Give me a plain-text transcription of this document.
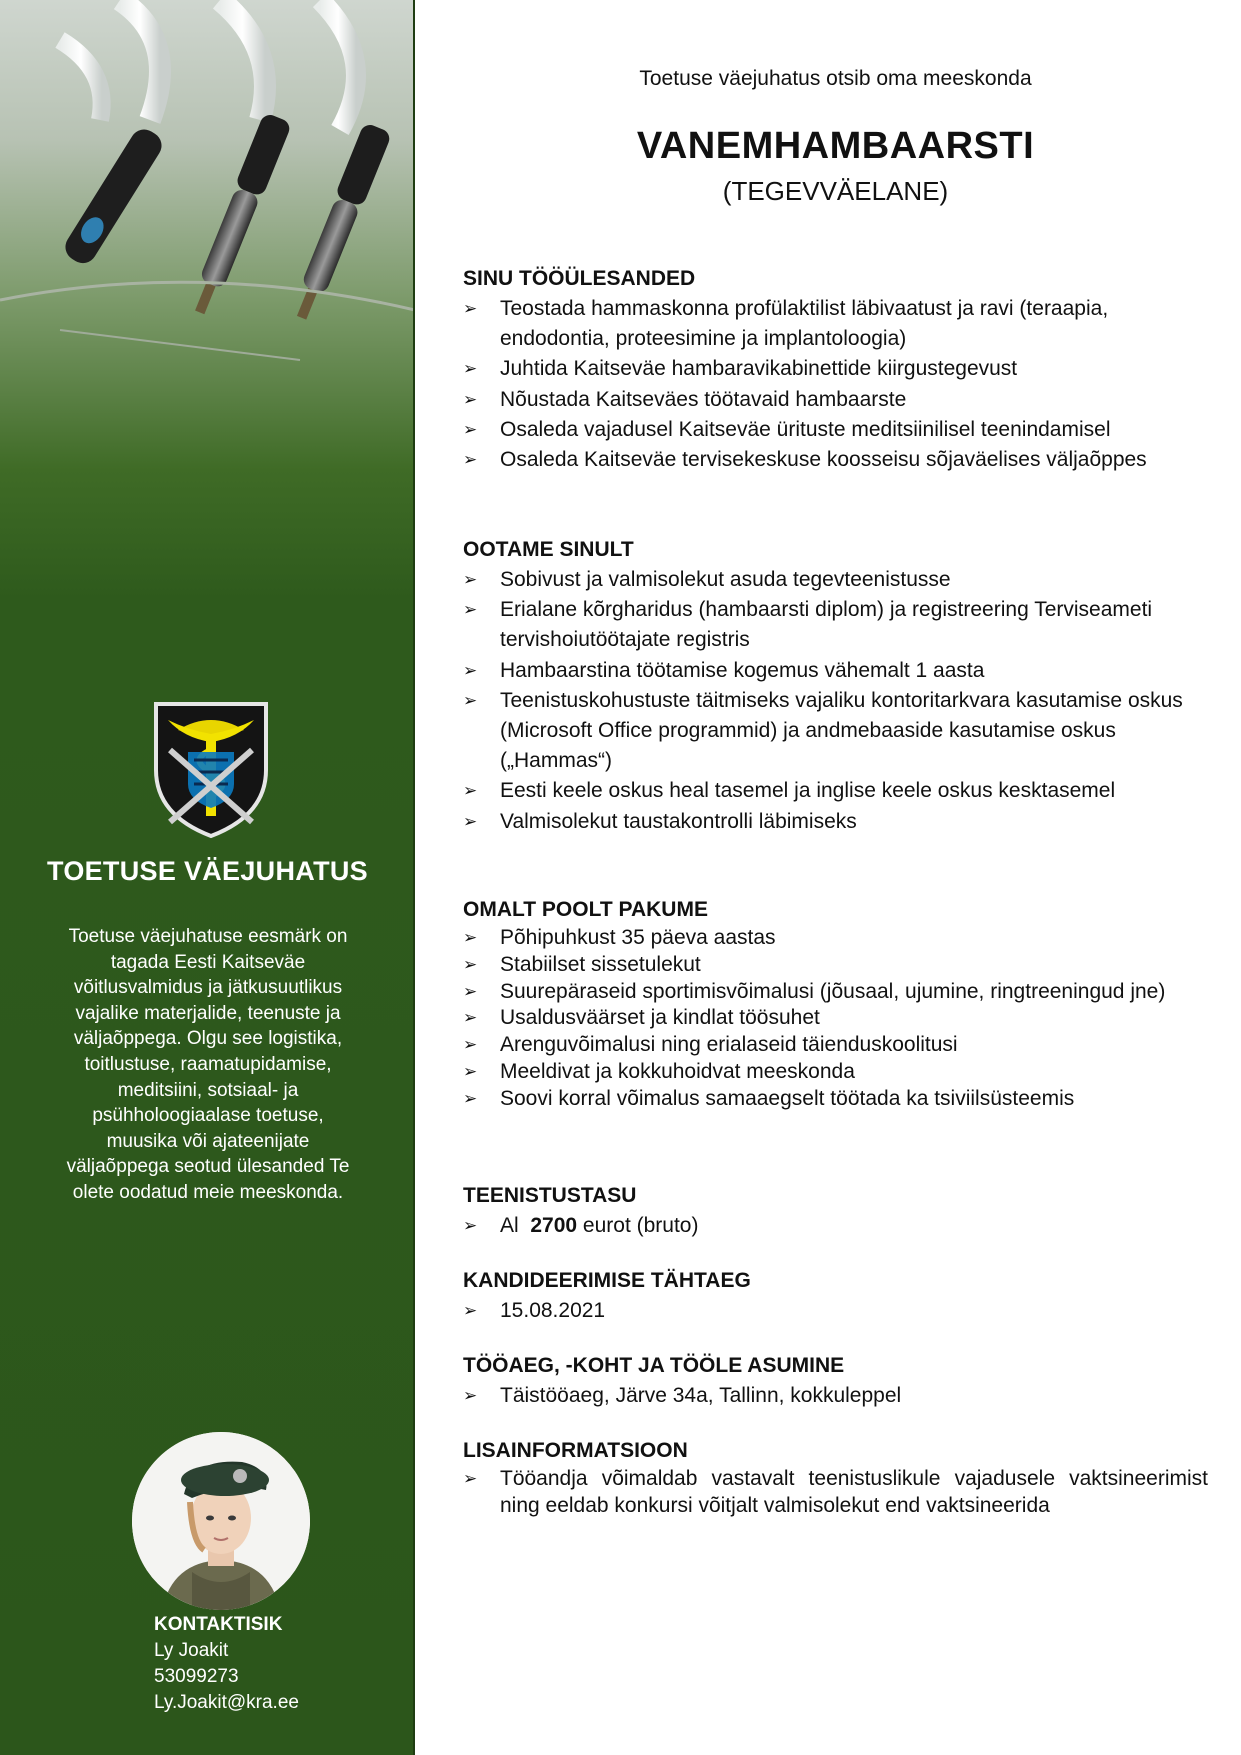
TOETUSE VÄEJUHATUS
Toetuse väejuhatuse eesmärk on tagada Eesti Kaitseväe võitlusvalmidus ja jätkusuutlikus vajalike materjalide, teenuste ja väljaõppega. Olgu see logistika, toitlustuse, raamatupidamise, meditsiini, sotsiaal- ja psühholoogiaalase toetuse, muusika või ajateenijate väljaõppega seotud ülesanded Te olete oodatud meie meeskonda.
KONTAKTISIK
Ly Joakit
53099273
Ly.Joakit@kra.ee
Toetuse väejuhatus otsib oma meeskonda
VANEMHAMBAARSTI
(TEGEVVÄELANE)
SINU TÖÖÜLESANDED
➢ Teostada hammaskonna profülaktilist läbivaatust ja ravi (teraapia, endodontia, proteesimine ja implantoloogia)
➢ Juhtida Kaitseväe hambaravikabinettide kiirgustegevust
➢ Nõustada Kaitseväes töötavaid hambaarste
➢ Osaleda vajadusel Kaitseväe ürituste meditsiinilisel teenindamisel
➢ Osaleda Kaitseväe tervisekeskuse koosseisu sõjaväelises väljaõppes
OOTAME SINULT
➢ Sobivust ja valmisolekut asuda tegevteenistusse
➢ Erialane kõrgharidus (hambaarsti diplom) ja registreering Terviseameti tervishoiutöötajate registris
➢ Hambaarstina töötamise kogemus vähemalt 1 aasta
➢ Teenistuskohustuste täitmiseks vajaliku kontoritarkvara kasutamise oskus (Microsoft Office programmid) ja andmebaaside kasutamise oskus („Hammas“)
➢ Eesti keele oskus heal tasemel ja inglise keele oskus kesktasemel
➢ Valmisolekut taustakontrolli läbimiseks
OMALT POOLT PAKUME
➢ Põhipuhkust 35 päeva aastas
➢ Stabiilset sissetulekut
➢ Suurepäraseid sportimisvõimalusi (jõusaal, ujumine, ringtreeningud jne)
➢ Usaldusväärset ja kindlat töösuhet
➢ Arenguvõimalusi ning erialaseid täienduskoolitusi
➢ Meeldivat ja kokkuhoidvat meeskonda
➢ Soovi korral võimalus samaaegselt töötada ka tsiviilsüsteemis
TEENISTUSTASU
➢ Al 2700 eurot (bruto)
KANDIDEERIMISE TÄHTAEG
➢ 15.08.2021
TÖÖAEG, -KOHT JA TÖÖLE ASUMINE
➢ Täistööaeg, Järve 34a, Tallinn, kokkuleppel
LISAINFORMATSIOON
➢ Tööandja võimaldab vastavalt teenistuslikule vajadusele vaktsineerimist ning eeldab konkursi võitjalt valmisolekut end vaktsineerida
